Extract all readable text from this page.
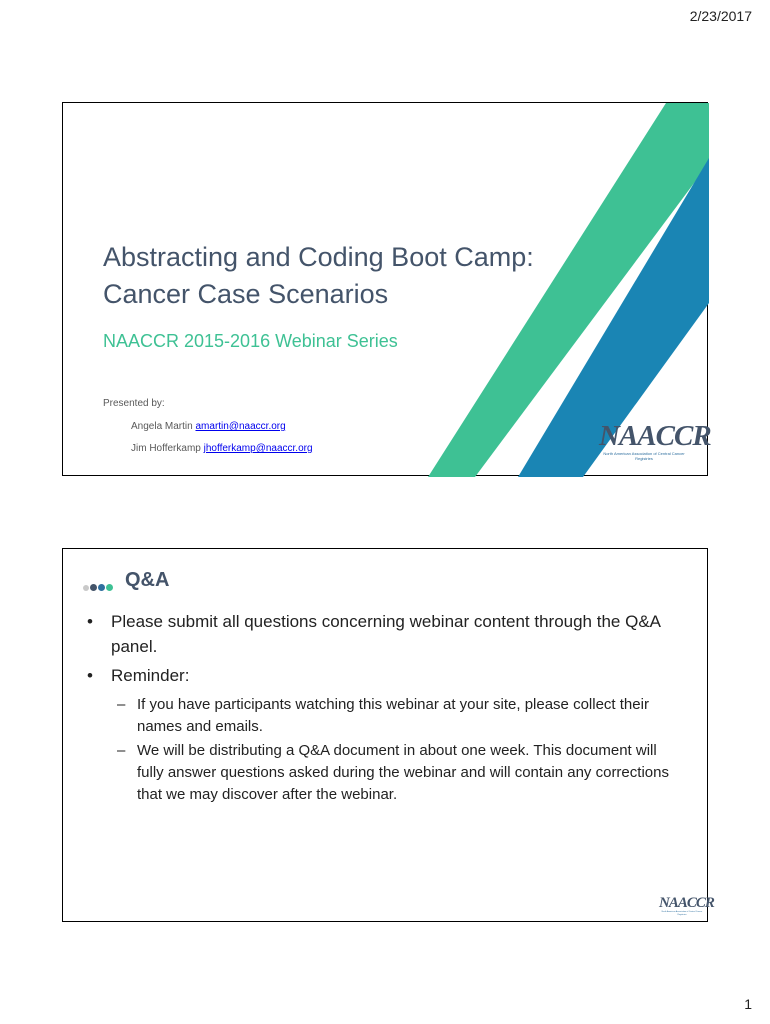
2/23/2017
Abstracting and Coding Boot Camp:
Cancer Case Scenarios
NAACCR 2015-2016 Webinar Series
Presented by:
Angela Martin amartin@naaccr.org
Jim Hofferkamp jhofferkamp@naaccr.org	NAACCR
North American Association of Central Cancer Registries
Q&A
•	Please submit all questions concerning webinar content through the Q&A panel.
•	Reminder:
– If you have participants watching this webinar at your site, please collect their names and emails.
– We will be distributing a Q&A document in about one week. This document will fully answer questions asked during the webinar and will contain any corrections that we may discover after the webinar.
NAACCR
North American Association of Central Cancer Registries
1
